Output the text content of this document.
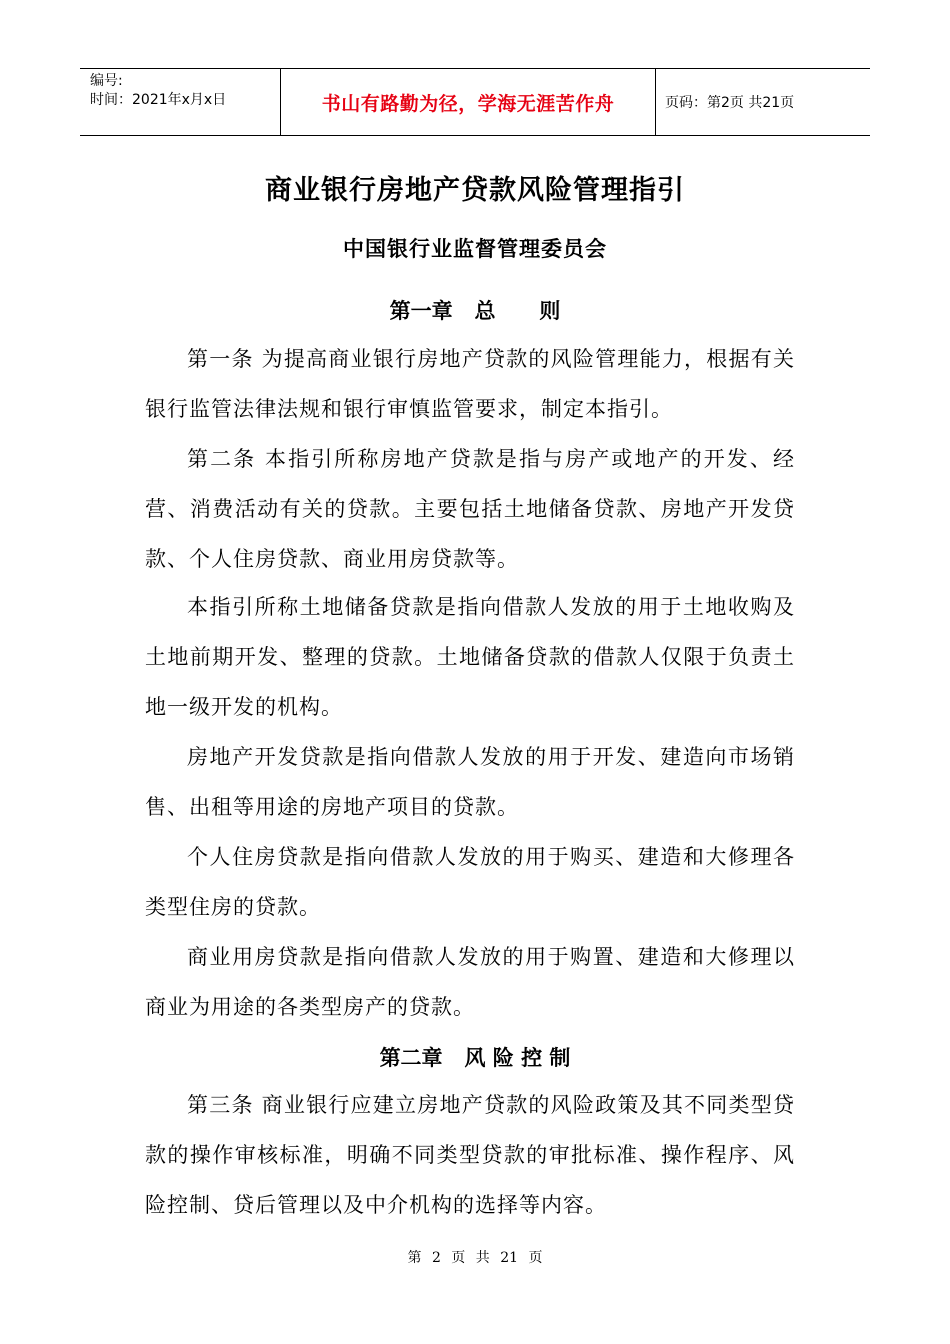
编号:
时间：2021年x月x日	书山有路勤为径，学海无涯苦作舟	页码：第2页 共21页
商业银行房地产贷款风险管理指引
中国银行业监督管理委员会
第一章   总      则

第一条 为提高商业银行房地产贷款的风险管理能力，根据有关银行监管法律法规和银行审慎监管要求，制定本指引。

第二条 本指引所称房地产贷款是指与房产或地产的开发、经营、消费活动有关的贷款。主要包括土地储备贷款、房地产开发贷款、个人住房贷款、商业用房贷款等。

本指引所称土地储备贷款是指向借款人发放的用于土地收购及土地前期开发、整理的贷款。土地储备贷款的借款人仅限于负责土地一级开发的机构。

房地产开发贷款是指向借款人发放的用于开发、建造向市场销售、出租等用途的房地产项目的贷款。

个人住房贷款是指向借款人发放的用于购买、建造和大修理各类型住房的贷款。

商业用房贷款是指向借款人发放的用于购置、建造和大修理以商业为用途的各类型房产的贷款。

第二章   风 险 控 制

第三条 商业银行应建立房地产贷款的风险政策及其不同类型贷款的操作审核标准，明确不同类型贷款的审批标准、操作程序、风险控制、贷后管理以及中介机构的选择等内容。

第 2 页 共 21 页
